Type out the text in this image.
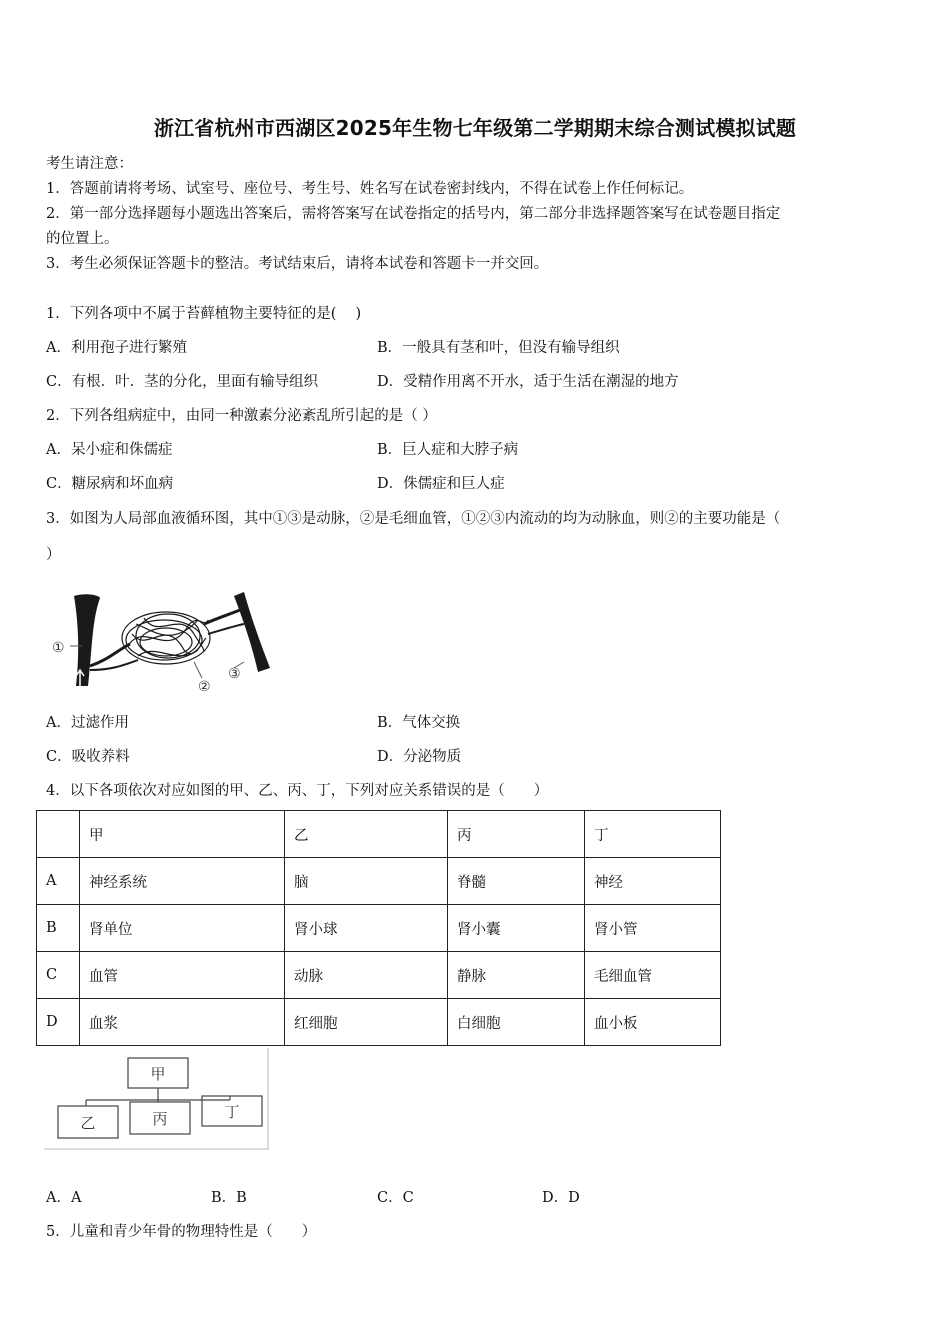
浙江省杭州市西湖区2025年生物七年级第二学期期末综合测试模拟试题
考生请注意：
1．答题前请将考场、试室号、座位号、考生号、姓名写在试卷密封线内，不得在试卷上作任何标记。
2．第一部分选择题每小题选出答案后，需将答案写在试卷指定的括号内，第二部分非选择题答案写在试卷题目指定
的位置上。
3．考生必须保证答题卡的整洁。考试结束后，请将本试卷和答题卡一并交回。
1．下列各项中不属于苔藓植物主要特征的是(　 )
A．利用孢子进行繁殖	B．一般具有茎和叶，但没有输导组织
C．有根．叶．茎的分化，里面有输导组织	D．受精作用离不开水，适于生活在潮湿的地方
2．下列各组病症中，由同一种激素分泌紊乱所引起的是（ ）
A．呆小症和侏儒症	B．巨人症和大脖子病
C．糖尿病和坏血病	D．侏儒症和巨人症
3．如图为人局部血液循环图，其中①③是动脉，②是毛细血管，①②③内流动的均为动脉血，则②的主要功能是（
）
①
②
③
A．过滤作用	B．气体交换
C．吸收养料	D．分泌物质
4．以下各项依次对应如图的甲、乙、丙、丁，下列对应关系错误的是（　　）
	甲	乙	丙	丁
A	神经系统	脑	脊髓	神经
B	肾单位	肾小球	肾小囊	肾小管
C	血管	动脉	静脉	毛细血管
D	血浆	红细胞	白细胞	血小板
甲
乙	丙	丁
A．A	B．B	C．C	D．D
5．儿童和青少年骨的物理特性是（　　）
